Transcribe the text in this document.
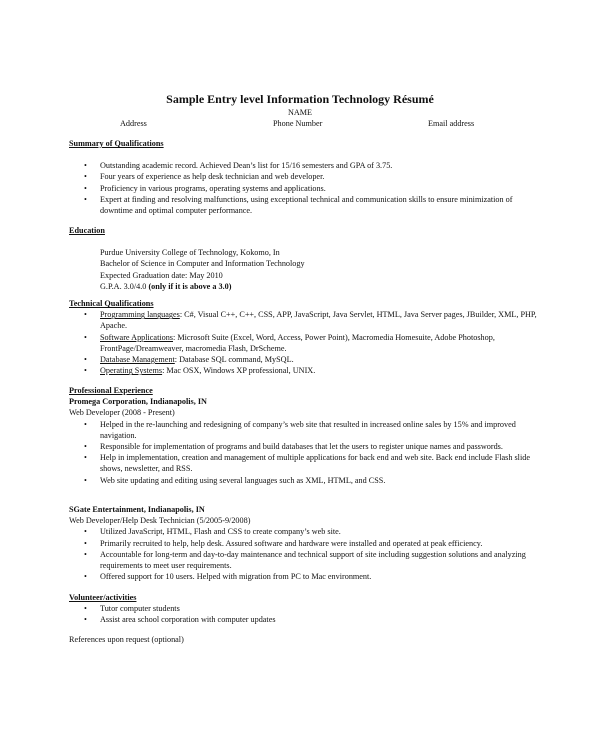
Sample Entry level Information Technology Résumé
NAME
Address	Phone Number	Email address

Summary of Qualifications

• Outstanding academic record. Achieved Dean’s list for 15/16 semesters and GPA of 3.75.
• Four years of experience as help desk technician and web developer.
• Proficiency in various programs, operating systems and applications.
• Expert at finding and resolving malfunctions, using exceptional technical and communication skills to ensure minimization of downtime and optimal computer performance.

Education

Purdue University College of Technology, Kokomo, In
Bachelor of Science in Computer and Information Technology
Expected Graduation date: May 2010
G.P.A. 3.0/4.0 (only if it is above a 3.0)

Technical Qualifications

• Programming languages: C#, Visual C++, C++, CSS, APP, JavaScript, Java Servlet, HTML, Java Server pages, JBuilder, XML, PHP, Apache.
• Software Applications: Microsoft Suite (Excel, Word, Access, Power Point), Macromedia Homesuite, Adobe Photoshop, FrontPage/Dreamweaver, macromedia Flash, DrScheme.
• Database Management: Database SQL command, MySQL.
• Operating Systems: Mac OSX, Windows XP professional, UNIX.

Professional Experience

Promega Corporation, Indianapolis, IN
Web Developer (2008 - Present)
• Helped in the re-launching and redesigning of company’s web site that resulted in increased online sales by 15% and improved navigation.
• Responsible for implementation of programs and build databases that let the users to register unique names and passwords.
• Help in implementation, creation and management of multiple applications for back end and web site. Back end include Flash slide shows, newsletter, and RSS.
• Web site updating and editing using several languages such as XML, HTML, and CSS.
SGate Entertainment, Indianapolis, IN
Web Developer/Help Desk Technician (5/2005-9/2008)
• Utilized JavaScript, HTML, Flash and CSS to create company’s web site.
• Primarily recruited to help, help desk. Assured software and hardware were installed and operated at peak efficiency.
• Accountable for long-term and day-to-day maintenance and technical support of site including suggestion solutions and analyzing requirements to meet user requirements.
• Offered support for 10 users. Helped with migration from PC to Mac environment.

Volunteer/activities

• Tutor computer students
• Assist area school corporation with computer updates
References upon request (optional)
